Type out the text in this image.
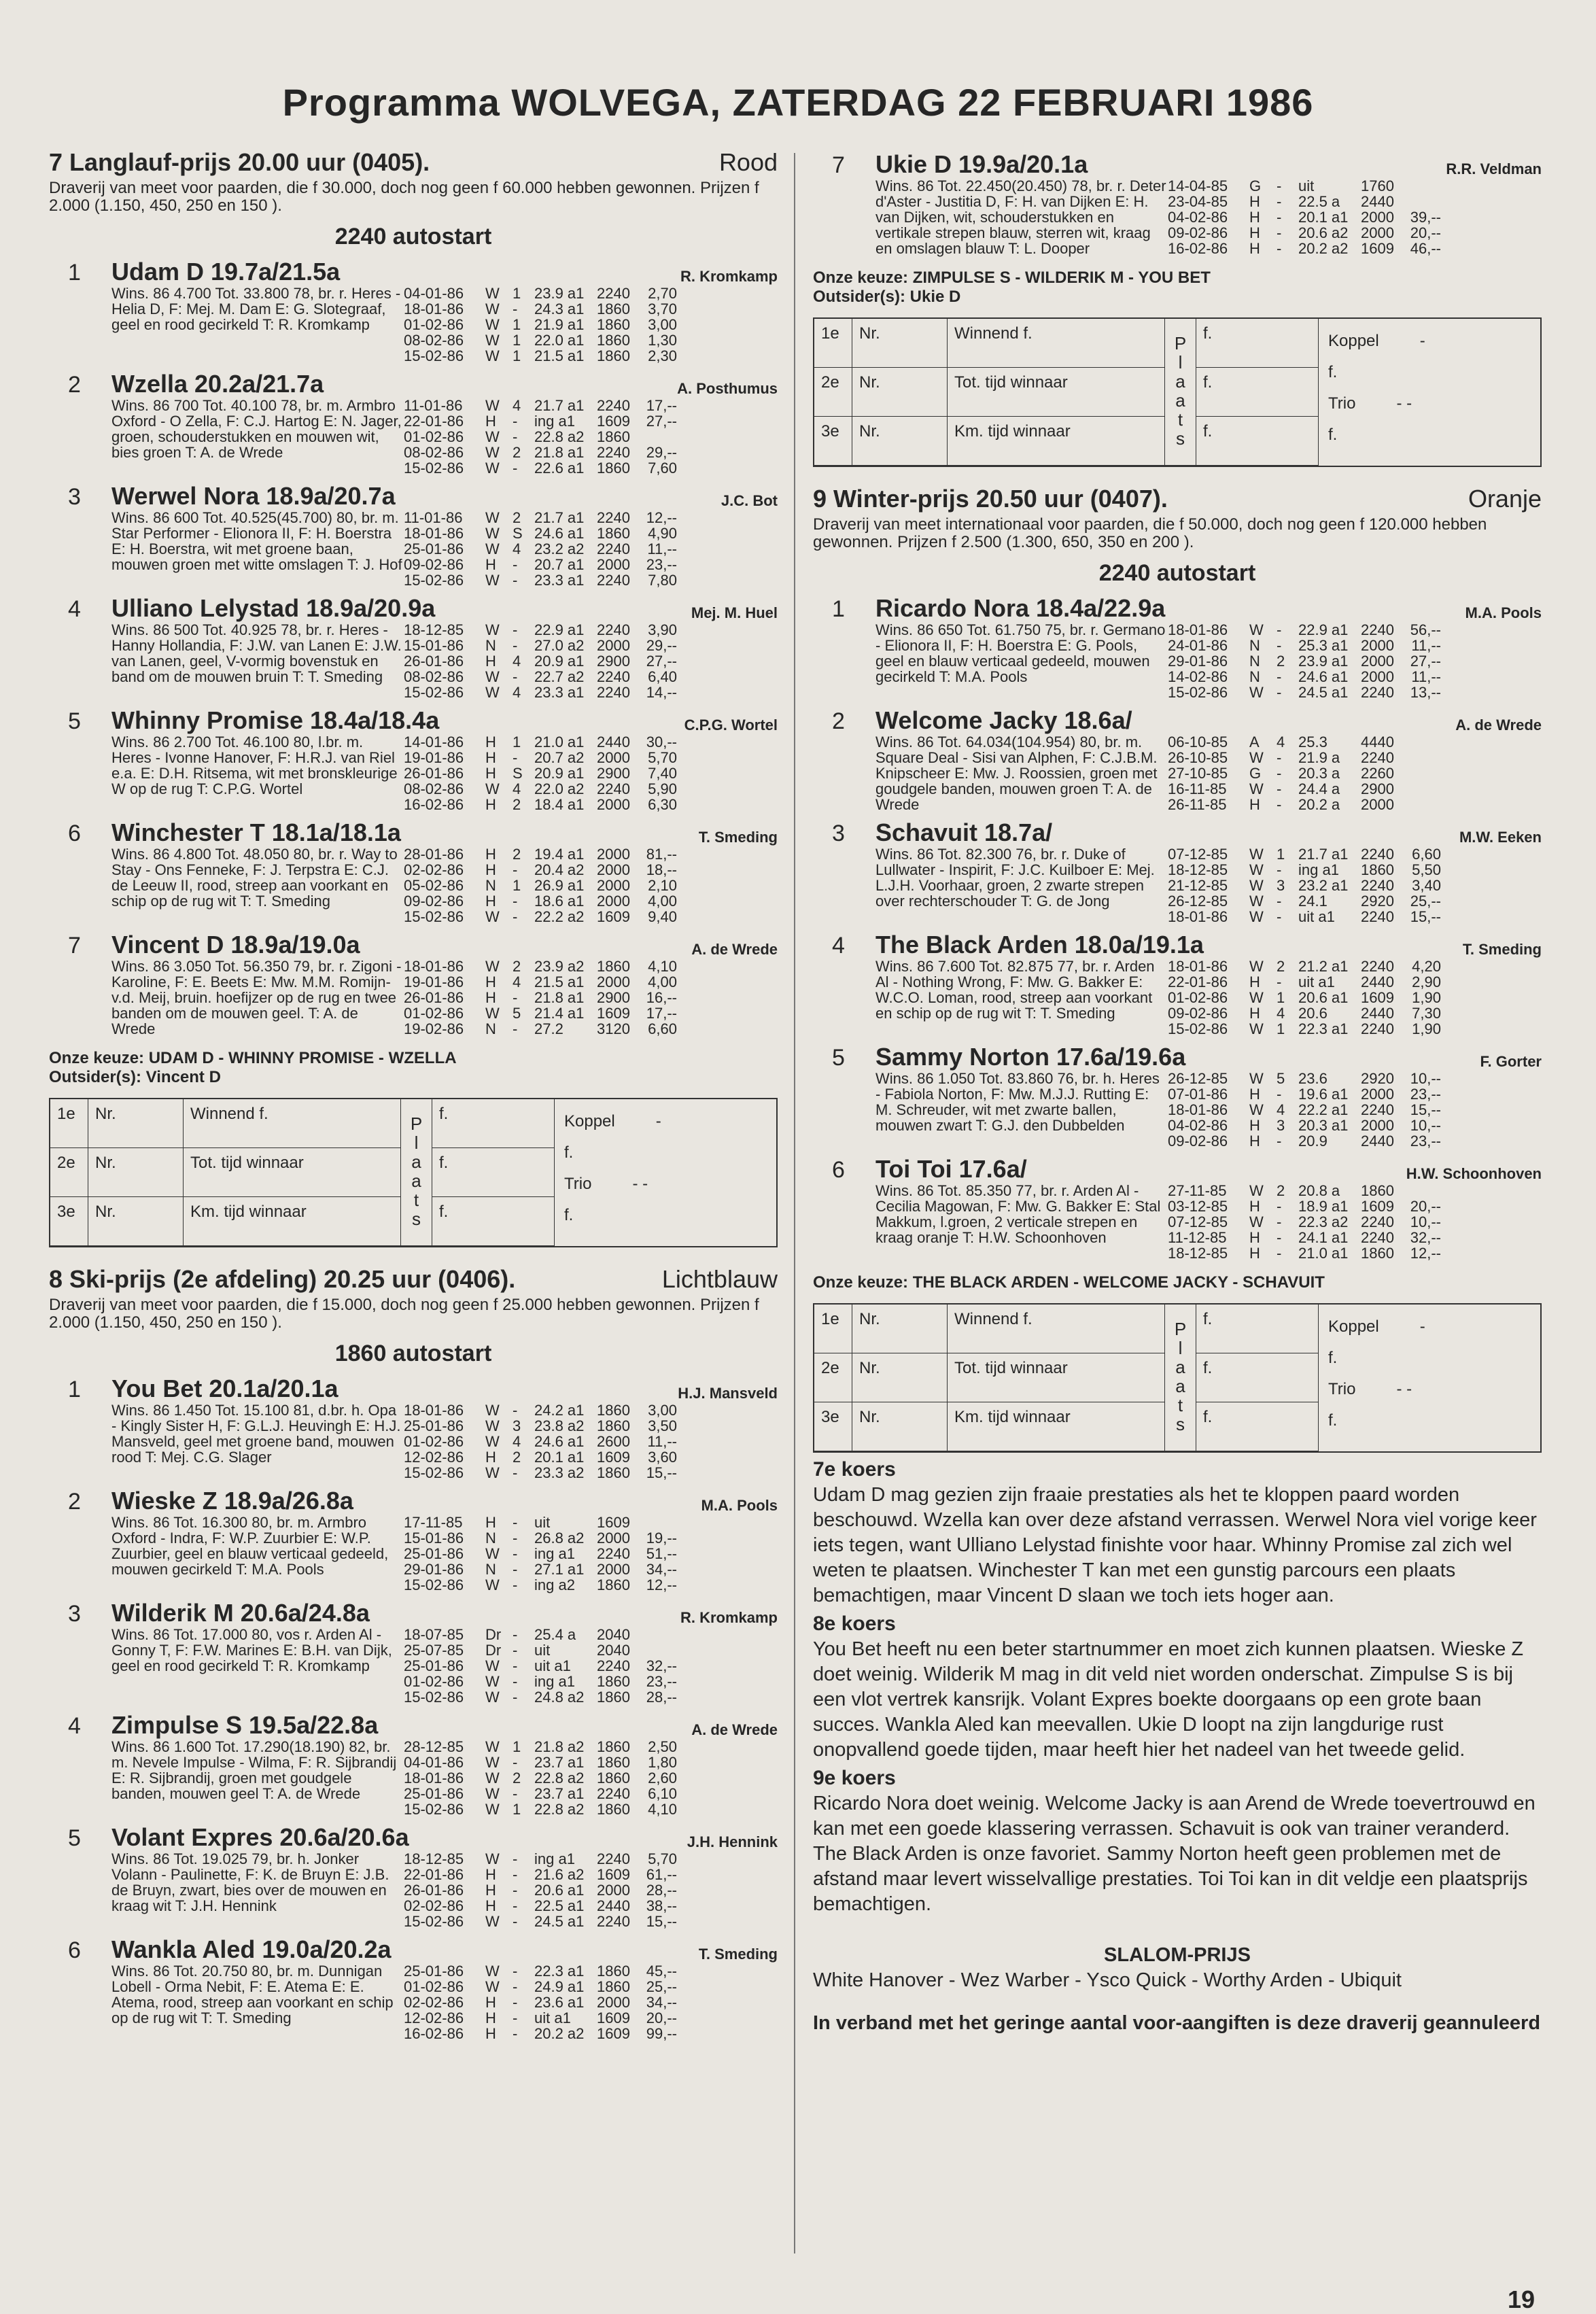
Programma WOLVEGA, ZATERDAG 22 FEBRUARI 1986
7 Langlauf-prijs 20.00 uur (0405).	Rood
Draverij van meet voor paarden, die f 30.000, doch nog geen f 60.000 hebben gewonnen. Prijzen f 2.000 (1.150, 450, 250 en 150 ).
2240 autostart
1 Udam D 19.7a/21.5a
Wins. 86 4.700 Tot. 33.800 78, br. r. Heres - Helia D, F: Mej. M. Dam E: G. Slotegraaf, geel en rood gecirkeld T: R. Kromkamp
R. Kromkamp
04-01-86	W 1 23.9 a1 2240	2,70
18-01-86	W -	24.3 a1 1860	3,70
01-02-86	W 1 21.9 a1 1860	3,00
08-02-86	W 1 22.0 a1 1860	1,30
15-02-86	W 1 21.5 a1 1860	2,30
2 Wzella 20.2a/21.7a
Wins. 86 700 Tot. 40.100 78, br. m. Armbro Oxford - O Zella, F: C.J. Hartog E: N. Jager, groen, schouderstukken en mouwen wit, bies groen T: A. de Wrede
A. Posthumus
11-01-86	W 4 21.7 a1 2240	17,--
22-01-86	H	-	ing a1	1609	27,--
01-02-86	W -	22.8 a2 1860
08-02-86	W 2 21.8 a1 2240	29,--
15-02-86	W -	22.6 a1 1860	7,60
3 Werwel Nora 18.9a/20.7a
Wins. 86 600 Tot. 40.525(45.700) 80, br. m. Star Performer - Elionora II, F: H. Boerstra E: H. Boerstra, wit met groene baan, mouwen groen met witte omslagen T: J. Hof
J.C. Bot
11-01-86	W 2 21.7 a1 2240	12,--
18-01-86	W S 24.6 a1 1860	4,90
25-01-86	W 4 23.2 a2 2240	11,--
09-02-86	H	-	20.7 a1 2000	23,--
15-02-86	W -	23.3 a1 2240	7,80
4 Ulliano Lelystad 18.9a/20.9a
Wins. 86 500 Tot. 40.925 78, br. r. Heres - Hanny Hollandia, F: J.W. van Lanen E: J.W. van Lanen, geel, V-vormig bovenstuk en band om de mouwen bruin T: T. Smeding
Mej. M. Huel
18-12-85	W -	22.9 a1 2240	3,90
15-01-86	N	-	27.0 a2 2000	29,--
26-01-86	H	4 20.9 a1 2900	27,--
08-02-86	W -	22.7 a2 2240	6,40
15-02-86	W 4 23.3 a1 2240	14,--
5 Whinny Promise 18.4a/18.4a
Wins. 86 2.700 Tot. 46.100 80, l.br. m. Heres - Ivonne Hanover, F: H.R.J. van Riel e.a. E: D.H. Ritsema, wit met bronskleurige W op de rug T: C.P.G. Wortel
C.P.G. Wortel
14-01-86	H	1 21.0 a1 2440	30,--
19-01-86	H	-	20.7 a2 2000	5,70
26-01-86	H	S 20.9 a1 2900	7,40
08-02-86	W 4 22.0 a2 2240	5,90
16-02-86	H	2 18.4 a1 2000	6,30
6 Winchester T 18.1a/18.1a
Wins. 86 4.800 Tot. 48.050 80, br. r. Way to Stay - Ons Fenneke, F: J. Terpstra E: C.J. de Leeuw II, rood, streep aan voorkant en schip op de rug wit T: T. Smeding
T. Smeding
28-01-86	H	2 19.4 a1 2000	81,--
02-02-86	H	-	20.4 a2 2000	18,--
05-02-86	N	1 26.9 a1 2000	2,10
09-02-86	H	-	18.6 a1 2000	4,00
15-02-86	W -	22.2 a2 1609	9,40
7 Vincent D 18.9a/19.0a
Wins. 86 3.050 Tot. 56.350 79, br. r. Zigoni - Karoline, F: E. Beets E: Mw. M.M. Romijn-v.d. Meij, bruin. hoefijzer op de rug en twee banden om de mouwen geel. T: A. de Wrede
A. de Wrede
18-01-86	W 2 23.9 a2 1860	4,10
19-01-86	H	4 21.5 a1 2000	4,00
26-01-86	H	-	21.8 a1 2900	16,--
01-02-86	W 5 21.4 a1 1609	17,--
19-02-86	N	-	27.2	3120	6,60
Onze keuze: UDAM D - WHINNY PROMISE - WZELLA
Outsider(s): Vincent D
1e	Nr.	Winnend f.	f.
2e	Nr.	Tot. tijd winnaar	f.
3e	Nr.	Km. tijd winnaar	f.
P l a a t s
Koppel	-
f.
Trio	- -
f.
8 Ski-prijs (2e afdeling) 20.25 uur (0406).	Lichtblauw
Draverij van meet voor paarden, die f 15.000, doch nog geen f 25.000 hebben gewonnen. Prijzen f 2.000 (1.150, 450, 250 en 150 ).
1860 autostart
1 You Bet 20.1a/20.1a
Wins. 86 1.450 Tot. 15.100 81, d.br. h. Opa - Kingly Sister H, F: G.L.J. Heuvingh E: H.J. Mansveld, geel met groene band, mouwen rood T: Mej. C.G. Slager
H.J. Mansveld
18-01-86	W -	24.2 a1 1860	3,00
25-01-86	W 3 23.8 a2 1860	3,50
01-02-86	W 4 24.6 a1 2600	11,--
12-02-86	H	2 20.1 a1 1609	3,60
15-02-86	W -	23.3 a2 1860	15,--
2 Wieske Z 18.9a/26.8a
Wins. 86 Tot. 16.300 80, br. m. Armbro Oxford - Indra, F: W.P. Zuurbier E: W.P. Zuurbier, geel en blauw verticaal gedeeld, mouwen gecirkeld T: M.A. Pools
M.A. Pools
17-11-85	H	-	uit	1609
15-01-86	N	-	26.8 a2 2000	19,--
25-01-86	W -	ing a1	2240	51,--
29-01-86	N	-	27.1 a1 2000	34,--
15-02-86	W -	ing a2	1860	12,--
3 Wilderik M 20.6a/24.8a
Wins. 86 Tot. 17.000 80, vos r. Arden Al - Gonny T, F: F.W. Marines E: B.H. van Dijk, geel en rood gecirkeld T: R. Kromkamp
R. Kromkamp
18-07-85	Dr -	25.4 a	2040
25-07-85	Dr -	uit	2040
25-01-86	W -	uit a1	2240	32,--
01-02-86	W -	ing a1	1860	23,--
15-02-86	W -	24.8 a2 1860	28,--
4 Zimpulse S 19.5a/22.8a
Wins. 86 1.600 Tot. 17.290(18.190) 82, br. m. Nevele Impulse - Wilma, F: R. Sijbrandij E: R. Sijbrandij, groen met goudgele banden, mouwen geel T: A. de Wrede
A. de Wrede
28-12-85	W 1 21.8 a2 1860	2,50
04-01-86	W -	23.7 a1 1860	1,80
18-01-86	W 2 22.8 a2 1860	2,60
25-01-86	W -	23.7 a1 2240	6,10
15-02-86	W 1 22.8 a2 1860	4,10
5 Volant Expres 20.6a/20.6a
Wins. 86 Tot. 19.025 79, br. h. Jonker Volann - Paulinette, F: K. de Bruyn E: J.B. de Bruyn, zwart, bies over de mouwen en kraag wit T: J.H. Hennink
J.H. Hennink
18-12-85	W -	ing a1	2240	5,70
22-01-86	H	-	21.6 a2 1609	61,--
26-01-86	H	-	20.6 a1 2000	28,--
02-02-86	H	-	22.5 a1 2440	38,--
15-02-86	W -	24.5 a1 2240	15,--
6 Wankla Aled 19.0a/20.2a
Wins. 86 Tot. 20.750 80, br. m. Dunnigan Lobell - Orma Nebit, F: E. Atema E: E. Atema, rood, streep aan voorkant en schip op de rug wit T: T. Smeding
T. Smeding
25-01-86	W -	22.3 a1 1860	45,--
01-02-86	W -	24.9 a1 1860	25,--
02-02-86	H	-	23.6 a1 2000	34,--
12-02-86	H	-	uit a1	1609	20,--
16-02-86	H	-	20.2 a2 1609	99,--
7 Ukie D 19.9a/20.1a
Wins. 86 Tot. 22.450(20.450) 78, br. r. Deter d'Aster - Justitia D, F: H. van Dijken E: H. van Dijken, wit, schouderstukken en vertikale strepen blauw, sterren wit, kraag en omslagen blauw T: L. Dooper
R.R. Veldman
14-04-85	G	-	uit	1760
23-04-85	H	-	22.5 a	2440
04-02-86	H	-	20.1 a1 2000	39,--
09-02-86	H	-	20.6 a2 2000	20,--
16-02-86	H	-	20.2 a2 1609	46,--
Onze keuze: ZIMPULSE S - WILDERIK M - YOU BET
Outsider(s): Ukie D
1e	Nr.	Winnend f.	f.
2e	Nr.	Tot. tijd winnaar	f.
3e	Nr.	Km. tijd winnaar	f.
P l a a t s
Koppel	-
f.
Trio	- -
f.
9 Winter-prijs 20.50 uur (0407).	Oranje
Draverij van meet internationaal voor paarden, die f 50.000, doch nog geen f 120.000 hebben gewonnen. Prijzen f 2.500 (1.300, 650, 350 en 200 ).
2240 autostart
1 Ricardo Nora 18.4a/22.9a
Wins. 86 650 Tot. 61.750 75, br. r. Germano - Elionora II, F: H. Boerstra E: G. Pools, geel en blauw verticaal gedeeld, mouwen gecirkeld T: M.A. Pools
M.A. Pools
18-01-86	W -	22.9 a1 2240	56,--
24-01-86	N	-	25.3 a1 2000	11,--
29-01-86	N	2 23.9 a1 2000	27,--
14-02-86	N	-	24.6 a1 2000	11,--
15-02-86	W -	24.5 a1 2240	13,--
2 Welcome Jacky 18.6a/
Wins. 86 Tot. 64.034(104.954) 80, br. m. Square Deal - Sisi van Alphen, F: C.J.B.M. Knipscheer E: Mw. J. Roossien, groen met goudgele banden, mouwen groen T: A. de Wrede
A. de Wrede
06-10-85	A	4 25.3	4440
26-10-85	W -	21.9 a	2240
27-10-85	G	-	20.3 a	2260
16-11-85	W -	24.4 a	2900
26-11-85	H	-	20.2 a	2000
3 Schavuit 18.7a/
Wins. 86 Tot. 82.300 76, br. r. Duke of Lullwater - Inspirit, F: J.C. Kuilboer E: Mej. L.J.H. Voorhaar, groen, 2 zwarte strepen over rechterschouder T: G. de Jong
M.W. Eeken
07-12-85	W 1 21.7 a1 2240	6,60
18-12-85	W -	ing a1	1860	5,50
21-12-85	W 3 23.2 a1 2240	3,40
26-12-85	W -	24.1	2920	25,--
18-01-86	W -	uit a1	2240	15,--
4 The Black Arden 18.0a/19.1a
Wins. 86 7.600 Tot. 82.875 77, br. r. Arden Al - Nothing Wrong, F: Mw. G. Bakker E: W.C.O. Loman, rood, streep aan voorkant en schip op de rug wit T: T. Smeding
T. Smeding
18-01-86	W 2 21.2 a1 2240	4,20
22-01-86	H	-	uit a1	2440	2,90
01-02-86	W 1 20.6 a1 1609	1,90
09-02-86	H	4 20.6	2440	7,30
15-02-86	W 1 22.3 a1 2240	1,90
5 Sammy Norton 17.6a/19.6a
Wins. 86 1.050 Tot. 83.860 76, br. h. Heres - Fabiola Norton, F: Mw. M.J.J. Rutting E: M. Schreuder, wit met zwarte ballen, mouwen zwart T: G.J. den Dubbelden
F. Gorter
26-12-85	W 5 23.6	2920	10,--
07-01-86	H	-	19.6 a1 2000	23,--
18-01-86	W 4 22.2 a1 2240	15,--
04-02-86	H	3 20.3 a1 2000	10,--
09-02-86	H	-	20.9	2440	23,--
6 Toi Toi 17.6a/
Wins. 86 Tot. 85.350 77, br. r. Arden Al - Cecilia Magowan, F: Mw. G. Bakker E: Stal Makkum, l.groen, 2 verticale strepen en kraag oranje T: H.W. Schoonhoven
H.W. Schoonhoven
27-11-85	W 2 20.8 a	1860
03-12-85	H	-	18.9 a1 1609	20,--
07-12-85	W -	22.3 a2 2240	10,--
11-12-85	H	-	24.1 a1 2240	32,--
18-12-85	H	-	21.0 a1 1860	12,--
Onze keuze: THE BLACK ARDEN - WELCOME JACKY - SCHAVUIT
1e	Nr.	Winnend f.	f.
2e	Nr.	Tot. tijd winnaar	f.
3e	Nr.	Km. tijd winnaar	f.
P l a a t s
Koppel	-
f.
Trio	- -
f.
7e koers
Udam D mag gezien zijn fraaie prestaties als het te kloppen paard worden beschouwd. Wzella kan over deze afstand verrassen. Werwel Nora viel vorige keer iets tegen, want Ulliano Lelystad finishte voor haar. Whinny Promise zal zich wel weten te plaatsen. Winchester T kan met een gunstig parcours een plaats bemachtigen, maar Vincent D slaan we toch iets hoger aan.
8e koers
You Bet heeft nu een beter startnummer en moet zich kunnen plaatsen. Wieske Z doet weinig. Wilderik M mag in dit veld niet worden onderschat. Zimpulse S is bij een vlot vertrek kansrijk. Volant Expres boekte doorgaans op een grote baan succes. Wankla Aled kan meevallen. Ukie D loopt na zijn langdurige rust onopvallend goede tijden, maar heeft hier het nadeel van het tweede gelid.
9e koers
Ricardo Nora doet weinig. Welcome Jacky is aan Arend de Wrede toevertrouwd en kan met een goede klassering verrassen. Schavuit is ook van trainer veranderd. The Black Arden is onze favoriet. Sammy Norton heeft geen problemen met de afstand maar levert wisselvallige prestaties. Toi Toi kan in dit veldje een plaatsprijs bemachtigen.
SLALOM-PRIJS
White Hanover - Wez Warber - Ysco Quick - Worthy Arden - Ubiquit
In verband met het geringe aantal voor-aangiften is deze draverij geannuleerd
19
